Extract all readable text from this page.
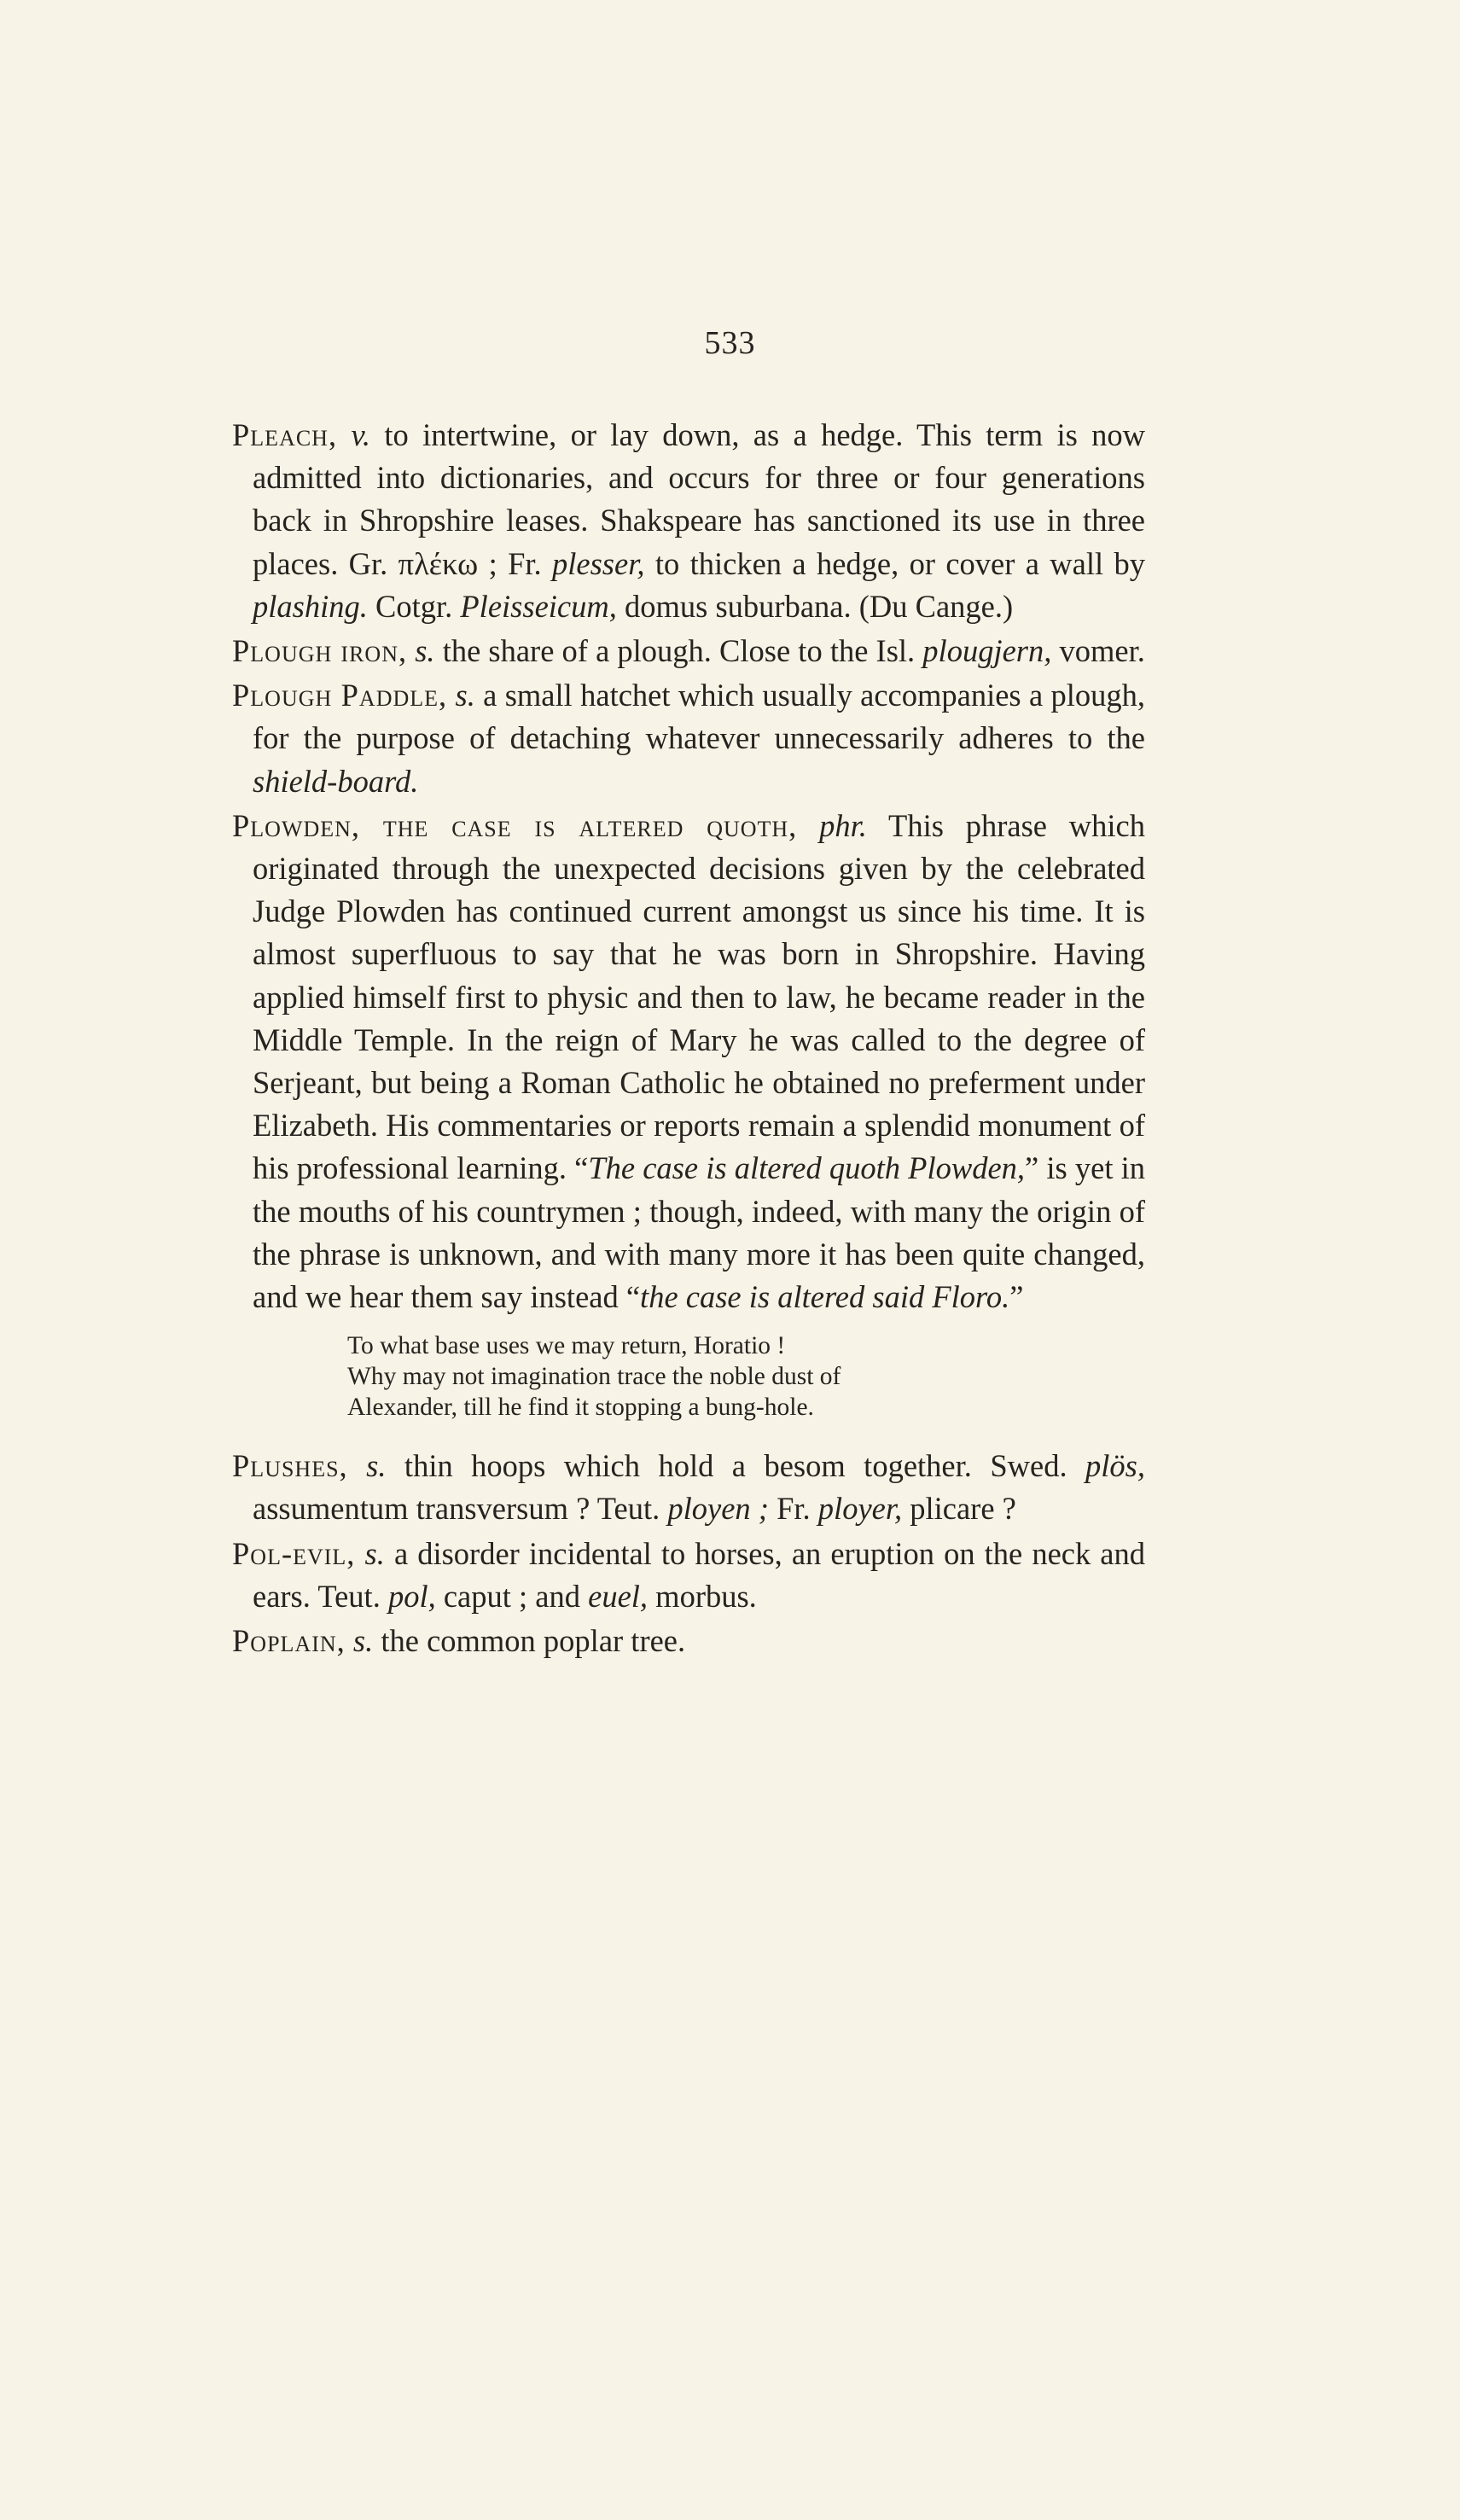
533

Pleach, v. to intertwine, or lay down, as a hedge. This term is now admitted into dictionaries, and occurs for three or four generations back in Shropshire leases. Shakspeare has sanctioned its use in three places. Gr. πλέκω ; Fr. plesser, to thicken a hedge, or cover a wall by plashing. Cotgr. Pleisseicum, domus suburbana. (Du Cange.)

Plough iron, s. the share of a plough. Close to the Isl. plougjern, vomer.

Plough Paddle, s. a small hatchet which usually accompanies a plough, for the purpose of detaching whatever unnecessarily adheres to the shield-board.

Plowden, the case is altered quoth, phr. This phrase which originated through the unexpected decisions given by the celebrated Judge Plowden has continued current amongst us since his time. It is almost superfluous to say that he was born in Shropshire. Having applied himself first to physic and then to law, he became reader in the Middle Temple. In the reign of Mary he was called to the degree of Serjeant, but being a Roman Catholic he obtained no preferment under Elizabeth. His commentaries or reports remain a splendid monument of his professional learning. “The case is altered quoth Plowden,” is yet in the mouths of his countrymen ; though, indeed, with many the origin of the phrase is unknown, and with many more it has been quite changed, and we hear them say instead “the case is altered said Floro.”

To what base uses we may return, Horatio !
Why may not imagination trace the noble dust of
Alexander, till he find it stopping a bung-hole.

Plushes, s. thin hoops which hold a besom together. Swed. plös, assumentum transversum ? Teut. ployen ; Fr. ployer, plicare ?

Pol-evil, s. a disorder incidental to horses, an eruption on the neck and ears. Teut. pol, caput ; and euel, morbus.

Poplain, s. the common poplar tree.
